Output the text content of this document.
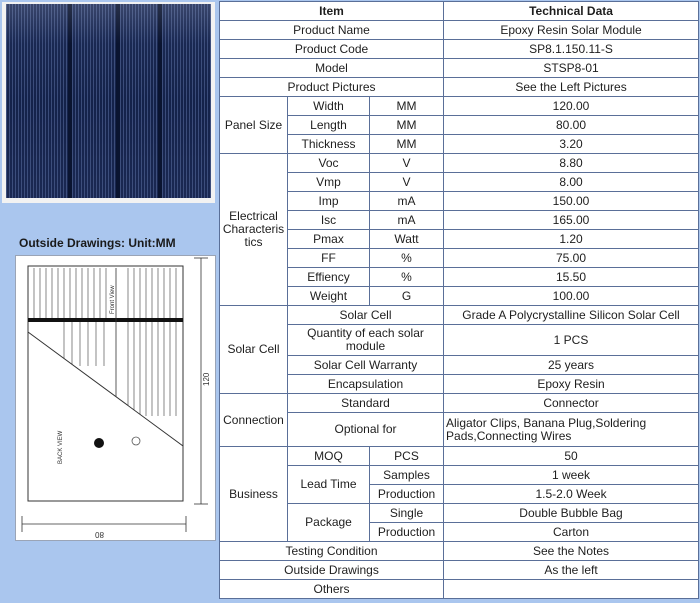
Outside Drawings: Unit:MM
Front View
BACK VIEW
120
80
Item			Technical Data
Product Name			Epoxy Resin Solar Module
Product Code			SP8.1.150.11-S
Model			STSP8-01
Product Pictures			See the Left Pictures
Panel Size	Width	MM	120.00
	Length	MM	80.00
	Thickness	MM	3.20
Electrical Characteris tics	Voc	V	8.80
	Vmp	V	8.00
	Imp	mA	150.00
	Isc	mA	165.00
	Pmax	Watt	1.20
	FF	%	75.00
	Effiency	%	15.50
	Weight	G	100.00
Solar Cell	Solar Cell		Grade A Polycrystalline Silicon Solar Cell
	Quantity of each solar module		1 PCS
	Solar Cell Warranty		25 years
	Encapsulation		Epoxy Resin
Connection	Standard		Connector
	Optional for		Aligator Clips, Banana Plug,Soldering Pads,Connecting Wires
Business	MOQ	PCS	50
	Lead Time	Samples	1 week
		Production	1.5-2.0 Week
	Package	Single	Double Bubble Bag
		Production	Carton
Testing Condition			See the Notes
Outside Drawings			As the left
Others			
